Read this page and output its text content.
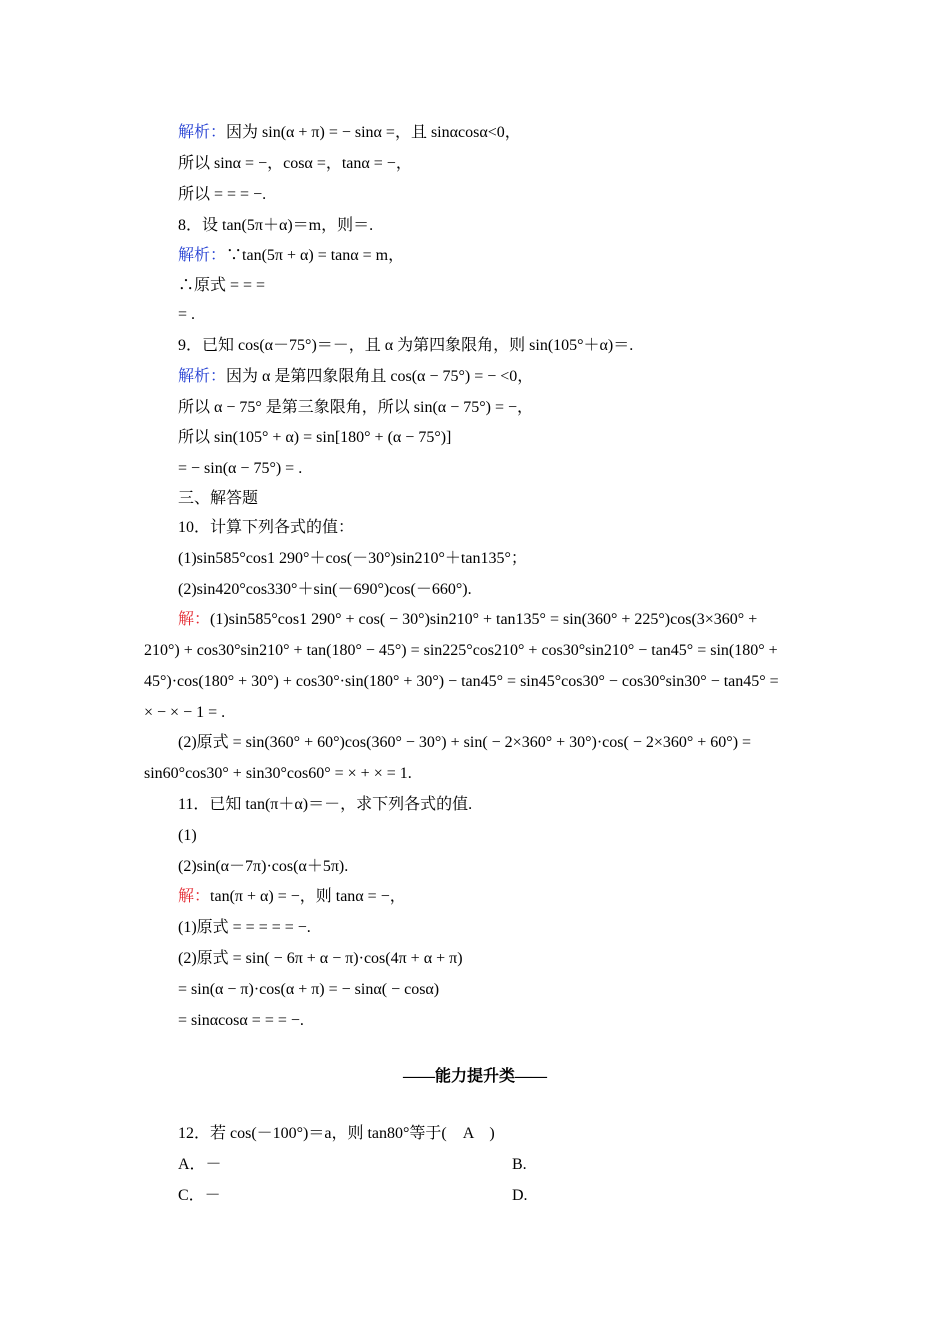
解析：因为 sin(α + π) = − sinα =，且 sinαcosα<0，
所以 sinα = −，cosα =，tanα = −，
所以 = = = −.
8．设 tan(5π＋α)＝m，则＝.
解析：∵tan(5π + α) = tanα = m，
∴原式 = = =
= .
9．已知 cos(α－75°)＝－，且 α 为第四象限角，则 sin(105°＋α)＝.
解析：因为 α 是第四象限角且 cos(α − 75°) = − <0，
所以 α − 75° 是第三象限角，所以 sin(α − 75°) = −，
所以 sin(105° + α) = sin[180° + (α − 75°)]
= − sin(α − 75°) = .
三、解答题
10．计算下列各式的值：
(1)sin585°cos1 290°＋cos(－30°)sin210°＋tan135°；
(2)sin420°cos330°＋sin(－690°)cos(－660°).
解：(1)sin585°cos1 290° + cos( − 30°)sin210° + tan135° = sin(360° + 225°)cos(3×360° +
210°) + cos30°sin210° + tan(180° − 45°) = sin225°cos210° + cos30°sin210° − tan45° = sin(180° +
45°)·cos(180° + 30°) + cos30°·sin(180° + 30°) − tan45° = sin45°cos30° − cos30°sin30° − tan45° =
× − × − 1 = .
(2)原式 = sin(360° + 60°)cos(360° − 30°) + sin( − 2×360° + 30°)·cos( − 2×360° + 60°) =
sin60°cos30° + sin30°cos60° = × + × = 1.
11．已知 tan(π＋α)＝－，求下列各式的值.
(1)
(2)sin(α－7π)·cos(α＋5π).
解：tan(π + α) = −，则 tanα = −，
(1)原式 = = = = = −.
(2)原式 = sin( − 6π + α − π)·cos(4π + α + π)
= sin(α − π)·cos(α + π) = − sinα( − cosα)
= sinαcosα = = = −.
——能力提升类——
12．若 cos(－100°)＝a，则 tan80°等于(　A　)
A．－	B.
C．－	D.
